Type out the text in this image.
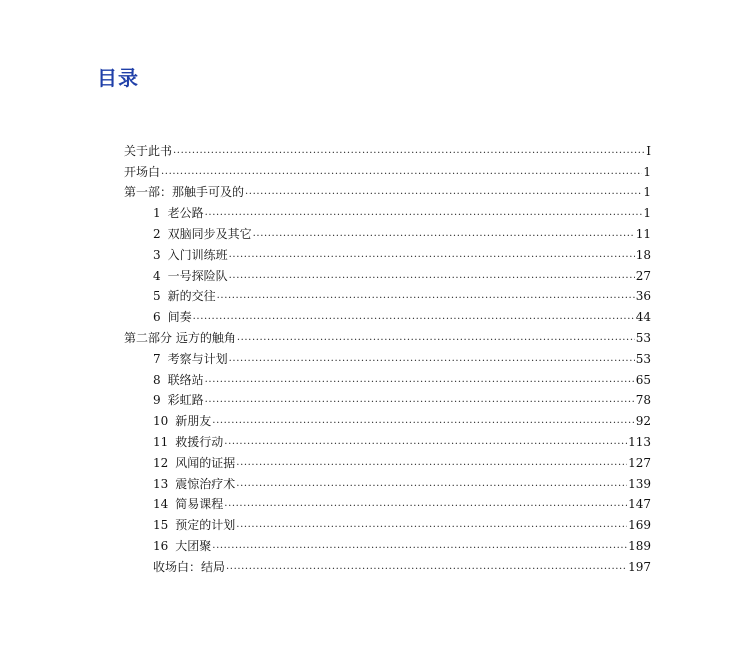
目录
关于此书 .....	I
开场白 .....	1
第一部：那触手可及的 .....	1
1 老公路 .....	1
2 双脑同步及其它 .....	11
3 入门训练班 .....	18
4 一号探险队 .....	27
5 新的交往 .....	36
6 间奏 .....	44
第二部分 远方的触角 .....	53
7 考察与计划 .....	53
8 联络站 .....	65
9 彩虹路 .....	78
10 新朋友 .....	92
11 救援行动 .....	113
12 风闻的证据 .....	127
13 震惊治疗术 .....	139
14 简易课程 .....	147
15 预定的计划 .....	169
16 大团聚 .....	189
收场白：结局 .....	197
